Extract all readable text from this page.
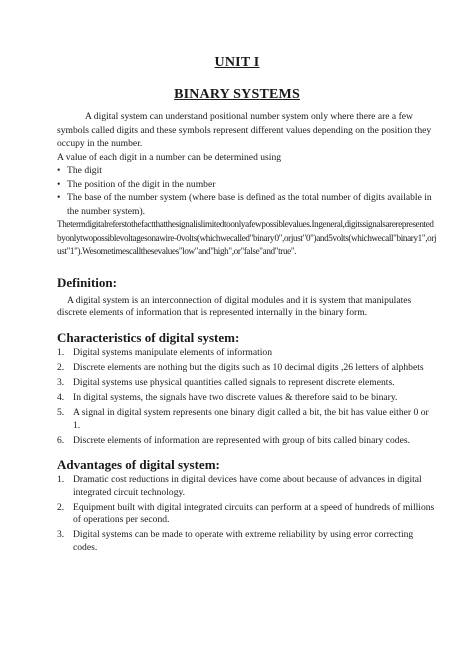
UNIT I
BINARY SYSTEMS

A digital system can understand positional number system only where there are a few symbols called digits and these symbols represent different values depending on the position they occupy in the number.

A value of each digit in a number can be determined using

• The digit
• The position of the digit in the number
• The base of the number system (where base is defined as the total number of digits available in the number system).

Thetermdigitalreferstothefactthatthesignalislimitedtoonlyafewpossiblevalues.Ingeneral,digitssignalsarerepresentedbyonlytwopossiblevoltagesonawire-0volts(whichwecalled"binary 0",orjust"0")and5volts(whichwecall"binary1",orjust"1").Wesometimescallthesevalues"low"and"high",or"false"and"true".

Definition:

A digital system is an interconnection of digital modules and it is system that manipulates discrete elements of information that is represented internally in the binary form.

Characteristics of digital system:
1. Digital systems manipulate elements of information
2. Discrete elements are nothing but the digits such as 10 decimal digits ,26 letters of alphbets
3. Digital systems use physical quantities called signals to represent discrete elements.
4. In digital systems, the signals have two discrete values & therefore said to be binary.
5. A signal in digital system represents one binary digit called a bit, the bit has value either 0 or 1.
6. Discrete elements of information are represented with group of bits called binary codes.
Advantages of digital system:
1. Dramatic cost reductions in digital devices have come about because of advances in digital integrated circuit technology.
2. Equipment built with digital integrated circuits can perform at a speed of hundreds of millions of operations per second.
3. Digital systems can be made to operate with extreme reliability by using error correcting codes.
